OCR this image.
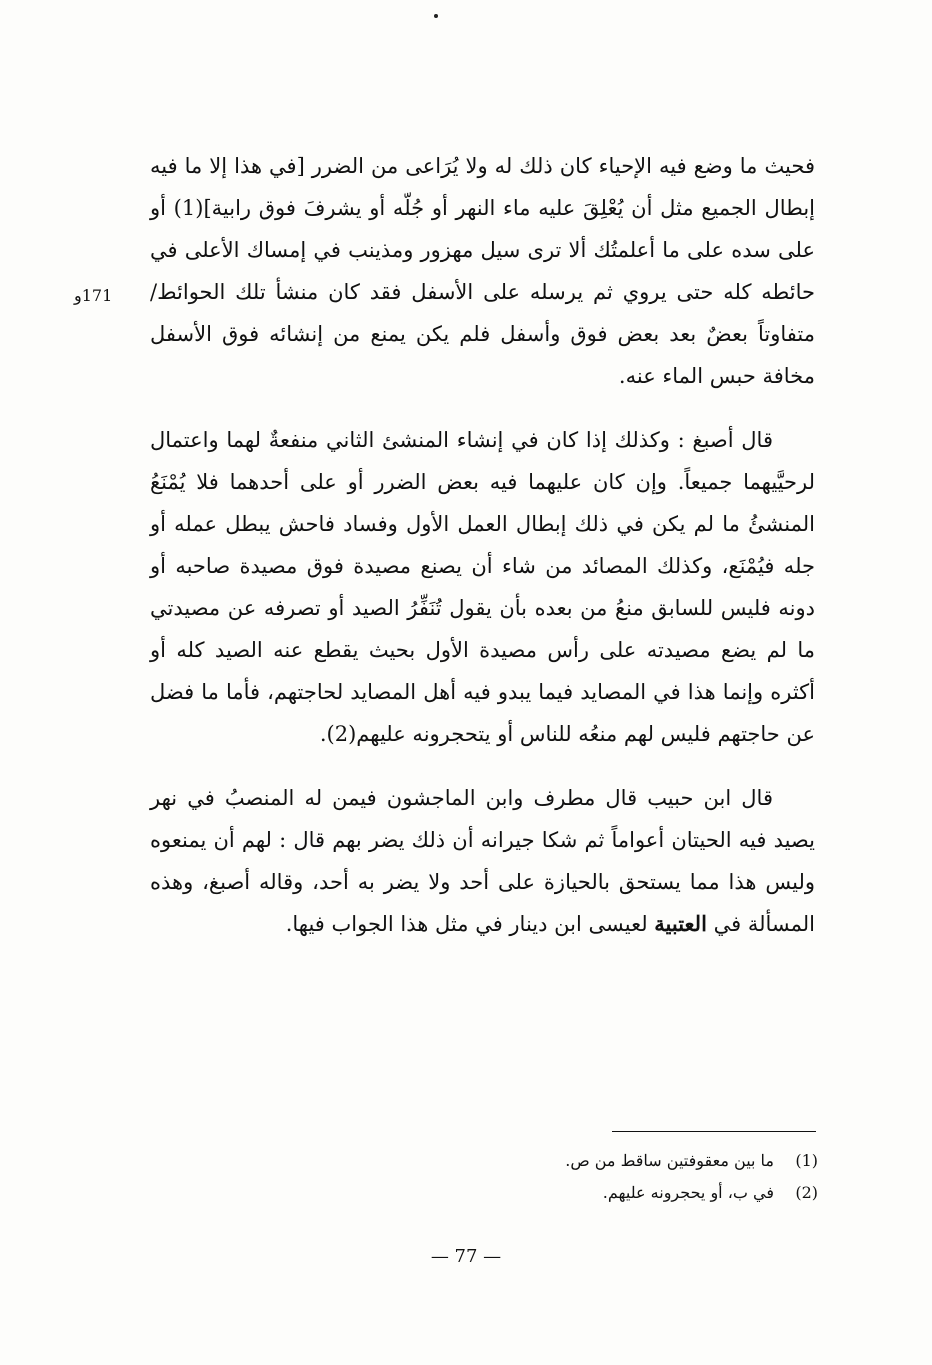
171و

فحيث ما وضع فيه الإحياء كان ذلك له ولا يُرَاعى من الضرر [في هذا إلا ما فيه إبطال الجميع مثل أن يُعْلِقَ عليه ماء النهر أو جُلّه أو يشرفَ فوق رابية](1) أو على سده على ما أعلمتُك ألا ترى سيل مهزور ومذينب في إمساك الأعلى في حائطه كله حتى يروي ثم يرسله على الأسفل فقد كان منشأ تلك الحوائط/ متفاوتاً بعضٌ بعد بعض فوق وأسفل فلم يكن يمنع من إنشائه فوق الأسفل مخافة حبس الماء عنه.

قال أصبغ : وكذلك إذا كان في إنشاء المنشئ الثاني منفعةٌ لهما واعتمال لرحيَّيهما جميعاً. وإن كان عليهما فيه بعض الضرر أو على أحدهما فلا يُمْنَعُ المنشئُ ما لم يكن في ذلك إبطال العمل الأول وفساد فاحش يبطل عمله أو جله فيُمْنَع، وكذلك المصائد من شاء أن يصنع مصيدة فوق مصيدة صاحبه أو دونه فليس للسابق منعُ من بعده بأن يقول تُنَفِّرُ الصيد أو تصرفه عن مصيدتي ما لم يضع مصيدته على رأس مصيدة الأول بحيث يقطع عنه الصيد كله أو أكثره وإنما هذا في المصايد فيما يبدو فيه أهل المصايد لحاجتهم، فأما ما فضل عن حاجتهم فليس لهم منعُه للناس أو يتحجرونه عليهم(2).

قال ابن حبيب قال مطرف وابن الماجشون فيمن له المنصبُ في نهر يصيد فيه الحيتان أعواماً ثم شكا جيرانه أن ذلك يضر بهم قال : لهم أن يمنعوه وليس هذا مما يستحق بالحيازة على أحد ولا يضر به أحد، وقاله أصبغ، وهذه المسألة في العتبية لعيسى ابن دينار في مثل هذا الجواب فيها.

(1)
ما بين معقوفتين ساقط من ص.
(2)
في ب، أو يحجرونه عليهم.
— 77 —
